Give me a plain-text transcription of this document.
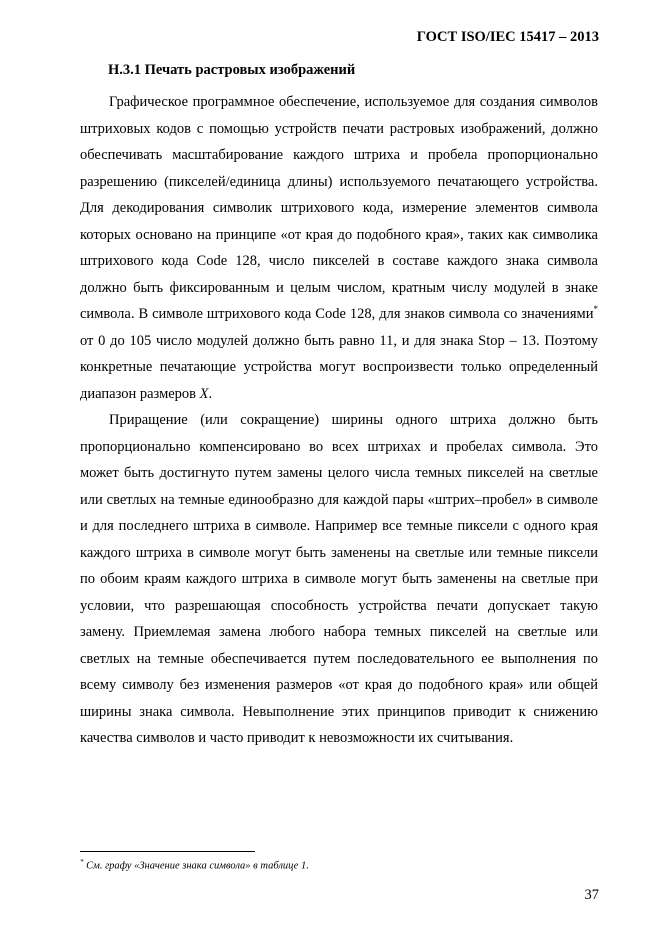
ГОСТ ISO/IEC 15417 – 2013
H.3.1 Печать растровых изображений

Графическое программное обеспечение, используемое для создания символов штриховых кодов с помощью устройств печати растровых изображений, должно обеспечивать масштабирование каждого штриха и пробела пропорционально разрешению (пикселей/единица длины) используемого печатающего устройства. Для декодирования символик штрихового кода, измерение элементов символа которых основано на принципе «от края до подобного края», таких как символика штрихового кода Code 128, число пикселей в составе каждого знака символа должно быть фиксированным и целым числом, кратным числу модулей в знаке символа. В символе штрихового кода Code 128, для знаков символа со значениями* от 0 до 105 число модулей должно быть равно 11, и для знака Stop – 13. Поэтому конкретные печатающие устройства могут воспроизвести только определенный диапазон размеров X.

Приращение (или сокращение) ширины одного штриха должно быть пропорционально компенсировано во всех штрихах и пробелах символа. Это может быть достигнуто путем замены целого числа темных пикселей на светлые или светлых на темные единообразно для каждой пары «штрих–пробел» в символе и для последнего штриха в символе. Например все темные пиксели с одного края каждого штриха в символе могут быть заменены на светлые или темные пиксели по обоим краям каждого штриха в символе могут быть заменены на светлые при условии, что разрешающая способность устройства печати допускает такую замену. Приемлемая замена любого набора темных пикселей на светлые или светлых на темные обеспечивается путем последовательного ее выполнения по всему символу без изменения размеров «от края до подобного края» или общей ширины знака символа. Невыполнение этих принципов приводит к снижению качества символов и часто приводит к невозможности их считывания.

* См. графу «Значение знака символа» в таблице 1.
37
